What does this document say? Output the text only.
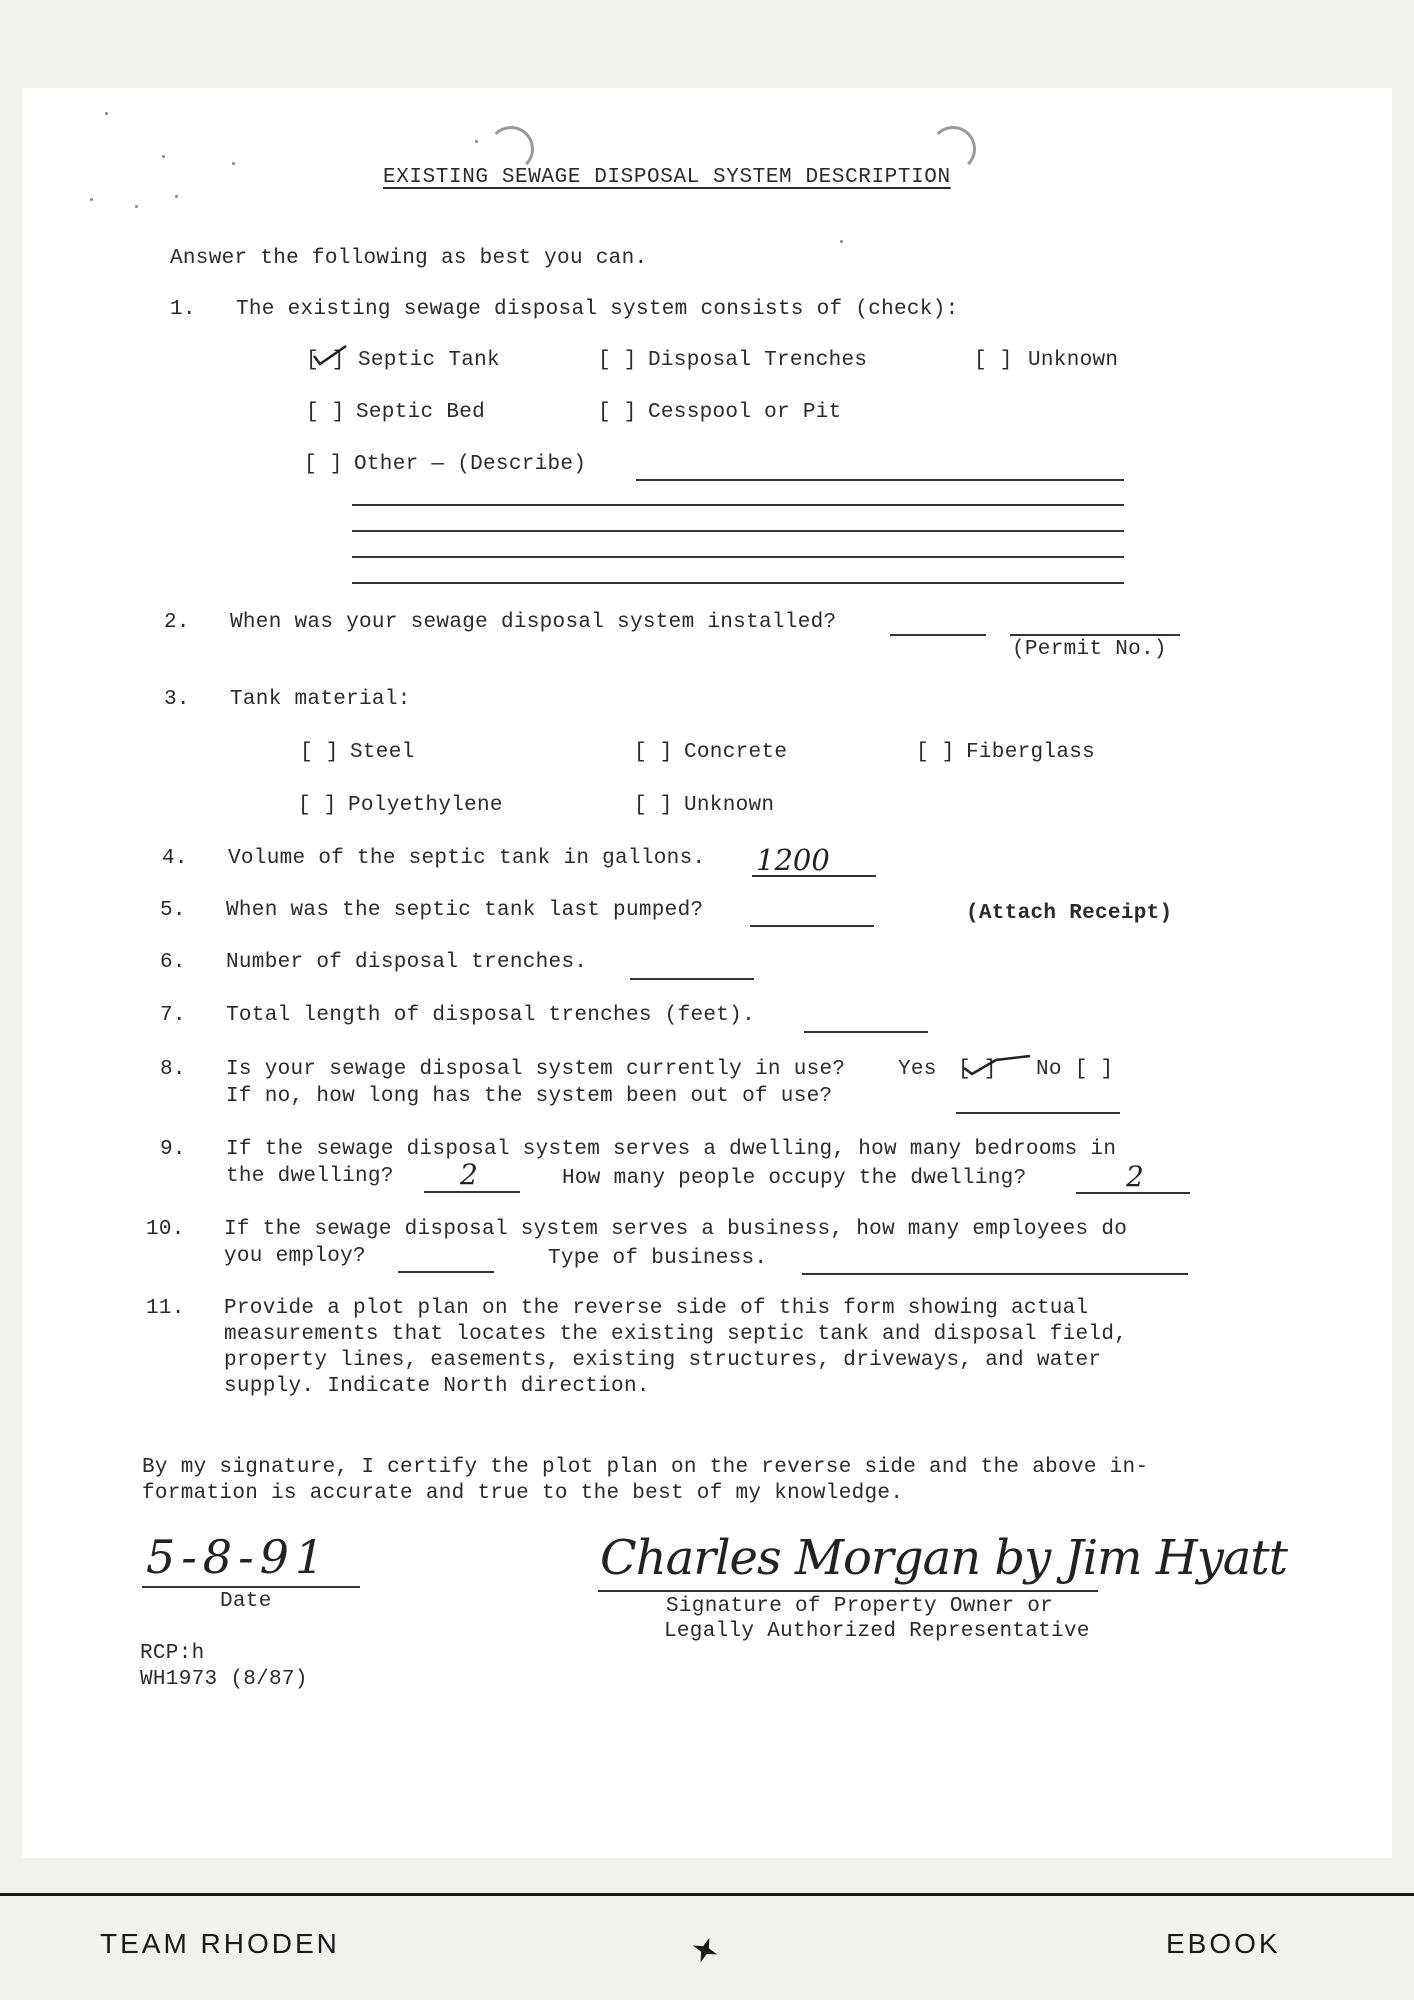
EXISTING SEWAGE DISPOSAL SYSTEM DESCRIPTION
Answer the following as best you can.
1. The existing sewage disposal system consists of (check):
[ ] Septic Tank	[ ] Disposal Trenches	[ ] Unknown
[ ] Septic Bed	[ ] Cesspool or Pit
[ ] Other — (Describe)
2. When was your sewage disposal system installed?
(Permit No.)
3. Tank material:
[ ] Steel	[ ] Concrete	[ ] Fiberglass
[ ] Polyethylene	[ ] Unknown
4. Volume of the septic tank in gallons. 1200
5. When was the septic tank last pumped?	(Attach Receipt)
6. Number of disposal trenches.
7. Total length of disposal trenches (feet).
8. Is your sewage disposal system currently in use?	Yes [ ] No [ ]
If no, how long has the system been out of use?
9. If the sewage disposal system serves a dwelling, how many bedrooms in
the dwelling? 2	How many people occupy the dwelling?	2
10. If the sewage disposal system serves a business, how many employees do
you employ?	Type of business.
11. Provide a plot plan on the reverse side of this form showing actual
measurements that locates the existing septic tank and disposal field,
property lines, easements, existing structures, driveways, and water
supply. Indicate North direction.
By my signature, I certify the plot plan on the reverse side and the above in-
formation is accurate and true to the best of my knowledge.
5-8-91
Date
Charles Morgan by Jim Hyatt
Signature of Property Owner or
Legally Authorized Representative
RCP:h
WH1973 (8/87)
TEAM RHODEN	EBOOK
